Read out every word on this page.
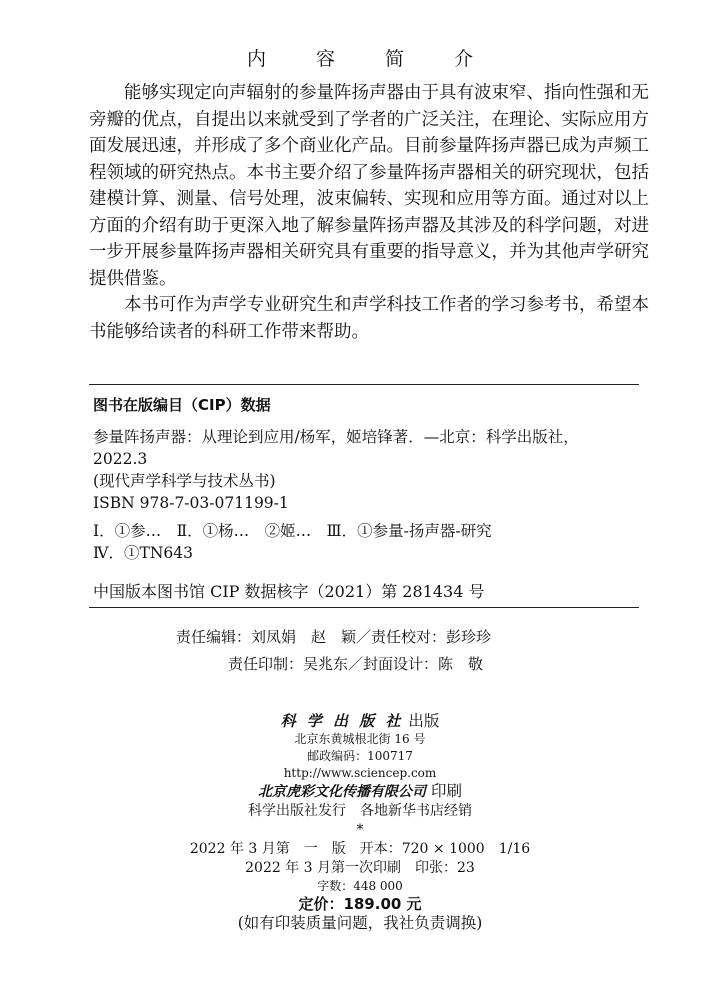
内 容 简 介

能够实现定向声辐射的参量阵扬声器由于具有波束窄、指向性强和无旁瓣的优点，自提出以来就受到了学者的广泛关注，在理论、实际应用方面发展迅速，并形成了多个商业化产品。目前参量阵扬声器已成为声频工程领域的研究热点。本书主要介绍了参量阵扬声器相关的研究现状，包括建模计算、测量、信号处理，波束偏转、实现和应用等方面。通过对以上方面的介绍有助于更深入地了解参量阵扬声器及其涉及的科学问题，对进一步开展参量阵扬声器相关研究具有重要的指导意义，并为其他声学研究提供借鉴。

本书可作为声学专业研究生和声学科技工作者的学习参考书，希望本书能够给读者的科研工作带来帮助。

图书在版编目（CIP）数据
参量阵扬声器：从理论到应用/杨军，姬培锋著．—北京：科学出版社，
2022.3
(现代声学科学与技术丛书)
ISBN 978-7-03-071199-1
Ⅰ．①参…　Ⅱ．①杨…　②姬…　Ⅲ．①参量-扬声器-研究
Ⅳ．①TN643
中国版本图书馆 CIP 数据核字（2021）第 281434 号
责任编辑：刘凤娟　赵　颖／责任校对：彭珍珍
责任印制：吴兆东／封面设计：陈　敬
科 学 出 版 社 出版
北京东黄城根北街 16 号
邮政编码：100717
http://www.sciencep.com
北京虎彩文化传播有限公司 印刷
科学出版社发行　各地新华书店经销
*
2022 年 3 月第　一　版　开本：720 × 1000　1/16
2022 年 3 月第一次印刷　印张：23
字数：448 000
定价：189.00 元
(如有印装质量问题，我社负责调换)
